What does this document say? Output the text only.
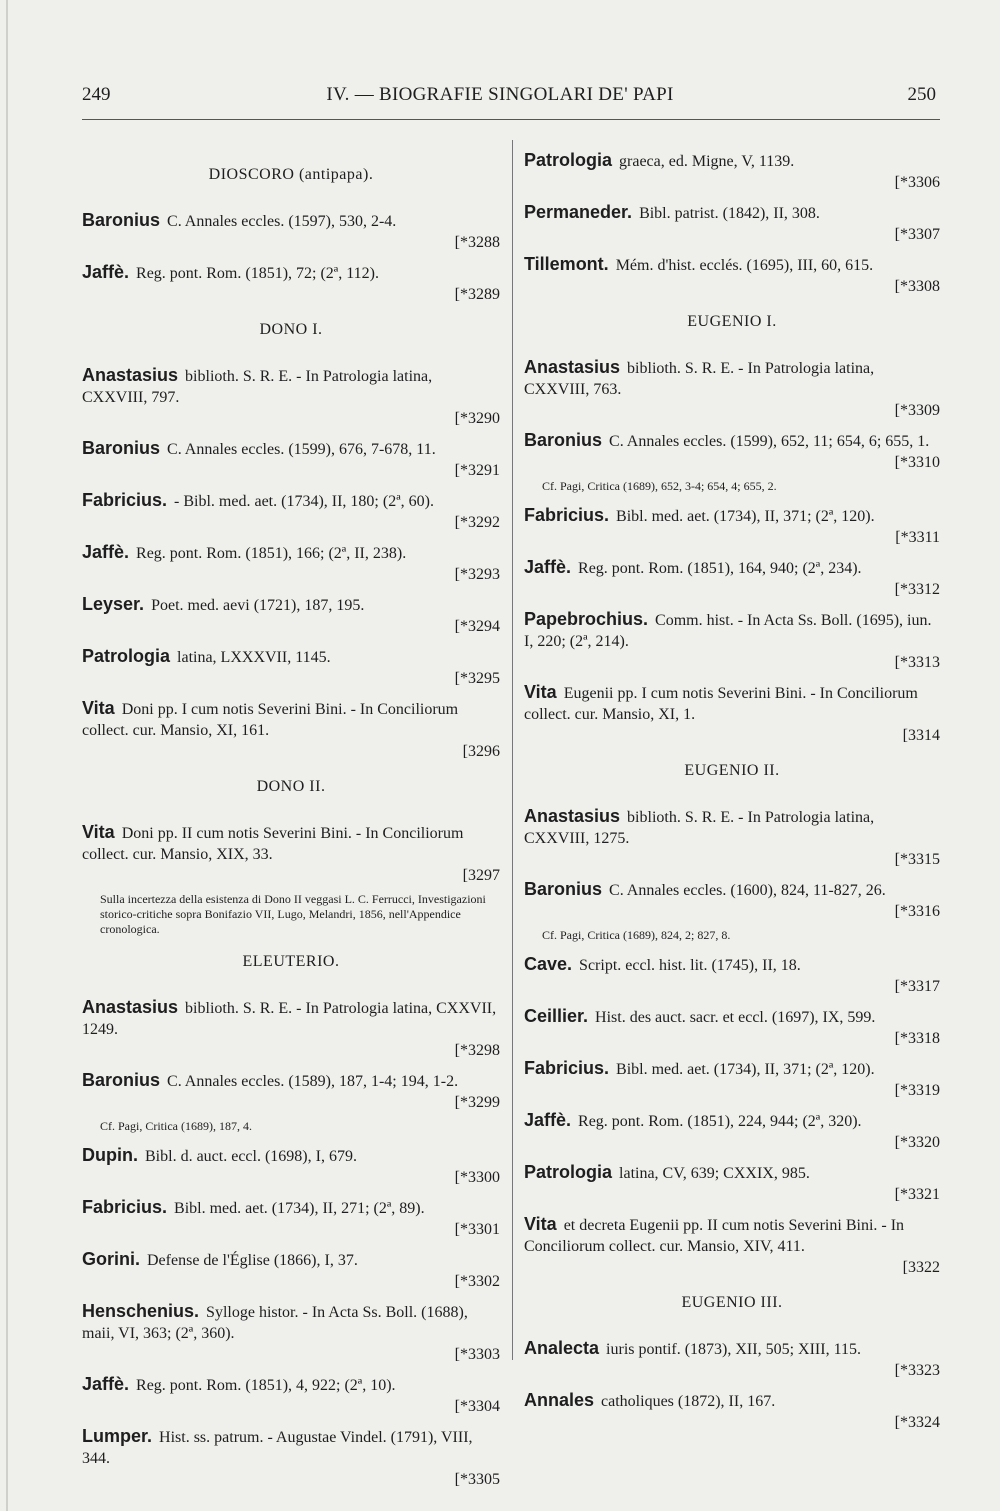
249	IV. — BIOGRAFIE SINGOLARI DE' PAPI	250
DIOSCORO (antipapa).
Baronius C. Annales eccles. (1597), 530, 2-4.
[*3288
Jaffè. Reg. pont. Rom. (1851), 72; (2ª, 112).
[*3289
DONO I.
Anastasius biblioth. S. R. E. - In Patrologia latina, CXXVIII, 797.
[*3290
Baronius C. Annales eccles. (1599), 676, 7-678, 11.
[*3291
Fabricius. - Bibl. med. aet. (1734), II, 180; (2ª, 60).
[*3292
Jaffè. Reg. pont. Rom. (1851), 166; (2ª, II, 238).
[*3293
Leyser. Poet. med. aevi (1721), 187, 195.
[*3294
Patrologia latina, LXXXVII, 1145.
[*3295
Vita Doni pp. I cum notis Severini Bini. - In Conciliorum collect. cur. Mansio, XI, 161.
[3296
DONO II.
Vita Doni pp. II cum notis Severini Bini. - In Conciliorum collect. cur. Mansio, XIX, 33.
[3297
Sulla incertezza della esistenza di Dono II veggasi L. C. Ferrucci, Investigazioni storico-critiche sopra Bonifazio VII, Lugo, Melandri, 1856, nell'Appendice cronologica.
ELEUTERIO.
Anastasius biblioth. S. R. E. - In Patrologia latina, CXXVII, 1249.
[*3298
Baronius C. Annales eccles. (1589), 187, 1-4; 194, 1-2.
[*3299
Cf. Pagi, Critica (1689), 187, 4.
Dupin. Bibl. d. auct. eccl. (1698), I, 679.
[*3300
Fabricius. Bibl. med. aet. (1734), II, 271; (2ª, 89).
[*3301
Gorini. Defense de l'Église (1866), I, 37.
[*3302
Henschenius. Sylloge histor. - In Acta Ss. Boll. (1688), maii, VI, 363; (2ª, 360).
[*3303
Jaffè. Reg. pont. Rom. (1851), 4, 922; (2ª, 10).
[*3304
Lumper. Hist. ss. patrum. - Augustae Vindel. (1791), VIII, 344.
[*3305
Patrologia graeca, ed. Migne, V, 1139.
[*3306
Permaneder. Bibl. patrist. (1842), II, 308.
[*3307
Tillemont. Mém. d'hist. ecclés. (1695), III, 60, 615.
[*3308
EUGENIO I.
Anastasius biblioth. S. R. E. - In Patrologia latina, CXXVIII, 763.
[*3309
Baronius C. Annales eccles. (1599), 652, 11; 654, 6; 655, 1.
[*3310
Cf. Pagi, Critica (1689), 652, 3-4; 654, 4; 655, 2.
Fabricius. Bibl. med. aet. (1734), II, 371; (2ª, 120).
[*3311
Jaffè. Reg. pont. Rom. (1851), 164, 940; (2ª, 234).
[*3312
Papebrochius. Comm. hist. - In Acta Ss. Boll. (1695), iun. I, 220; (2ª, 214).
[*3313
Vita Eugenii pp. I cum notis Severini Bini. - In Conciliorum collect. cur. Mansio, XI, 1.
[3314
EUGENIO II.
Anastasius biblioth. S. R. E. - In Patrologia latina, CXXVIII, 1275.
[*3315
Baronius C. Annales eccles. (1600), 824, 11-827, 26.
[*3316
Cf. Pagi, Critica (1689), 824, 2; 827, 8.
Cave. Script. eccl. hist. lit. (1745), II, 18.
[*3317
Ceillier. Hist. des auct. sacr. et eccl. (1697), IX, 599.
[*3318
Fabricius. Bibl. med. aet. (1734), II, 371; (2ª, 120).
[*3319
Jaffè. Reg. pont. Rom. (1851), 224, 944; (2ª, 320).
[*3320
Patrologia latina, CV, 639; CXXIX, 985.
[*3321
Vita et decreta Eugenii pp. II cum notis Severini Bini. - In Conciliorum collect. cur. Mansio, XIV, 411.
[3322
EUGENIO III.
Analecta iuris pontif. (1873), XII, 505; XIII, 115.
[*3323
Annales catholiques (1872), II, 167.
[*3324
